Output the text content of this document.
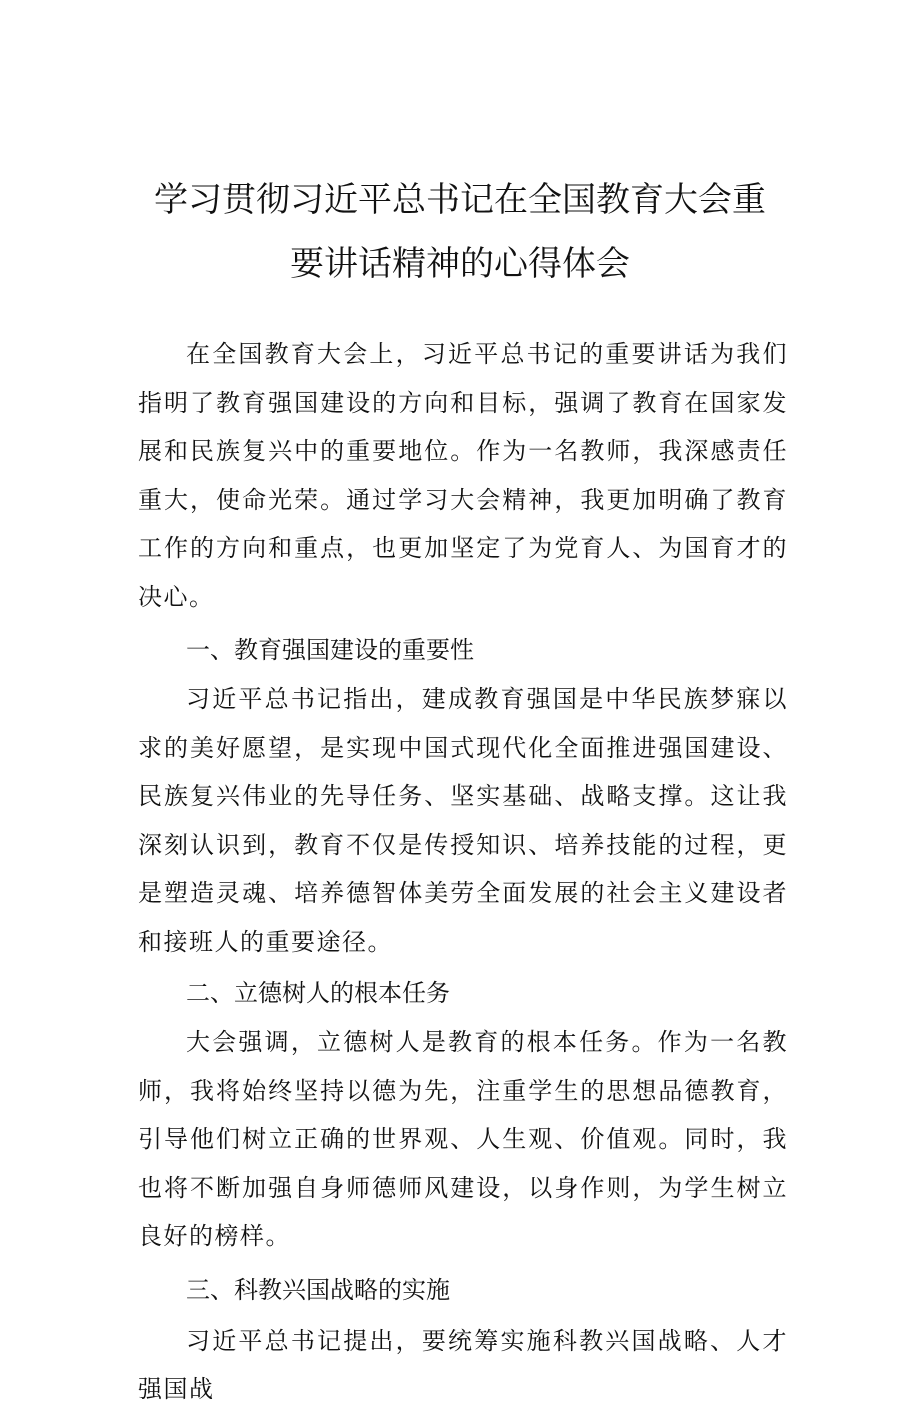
学习贯彻习近平总书记在全国教育大会重
要讲话精神的心得体会

在全国教育大会上，习近平总书记的重要讲话为我们指明了教育强国建设的方向和目标，强调了教育在国家发展和民族复兴中的重要地位。作为一名教师，我深感责任重大，使命光荣。通过学习大会精神，我更加明确了教育工作的方向和重点，也更加坚定了为党育人、为国育才的决心。

一、教育强国建设的重要性

习近平总书记指出，建成教育强国是中华民族梦寐以求的美好愿望，是实现中国式现代化全面推进强国建设、民族复兴伟业的先导任务、坚实基础、战略支撑。这让我深刻认识到，教育不仅是传授知识、培养技能的过程，更是塑造灵魂、培养德智体美劳全面发展的社会主义建设者和接班人的重要途径。

二、立德树人的根本任务

大会强调，立德树人是教育的根本任务。作为一名教师，我将始终坚持以德为先，注重学生的思想品德教育，引导他们树立正确的世界观、人生观、价值观。同时，我也将不断加强自身师德师风建设，以身作则，为学生树立良好的榜样。

三、科教兴国战略的实施

习近平总书记提出，要统筹实施科教兴国战略、人才强国战
